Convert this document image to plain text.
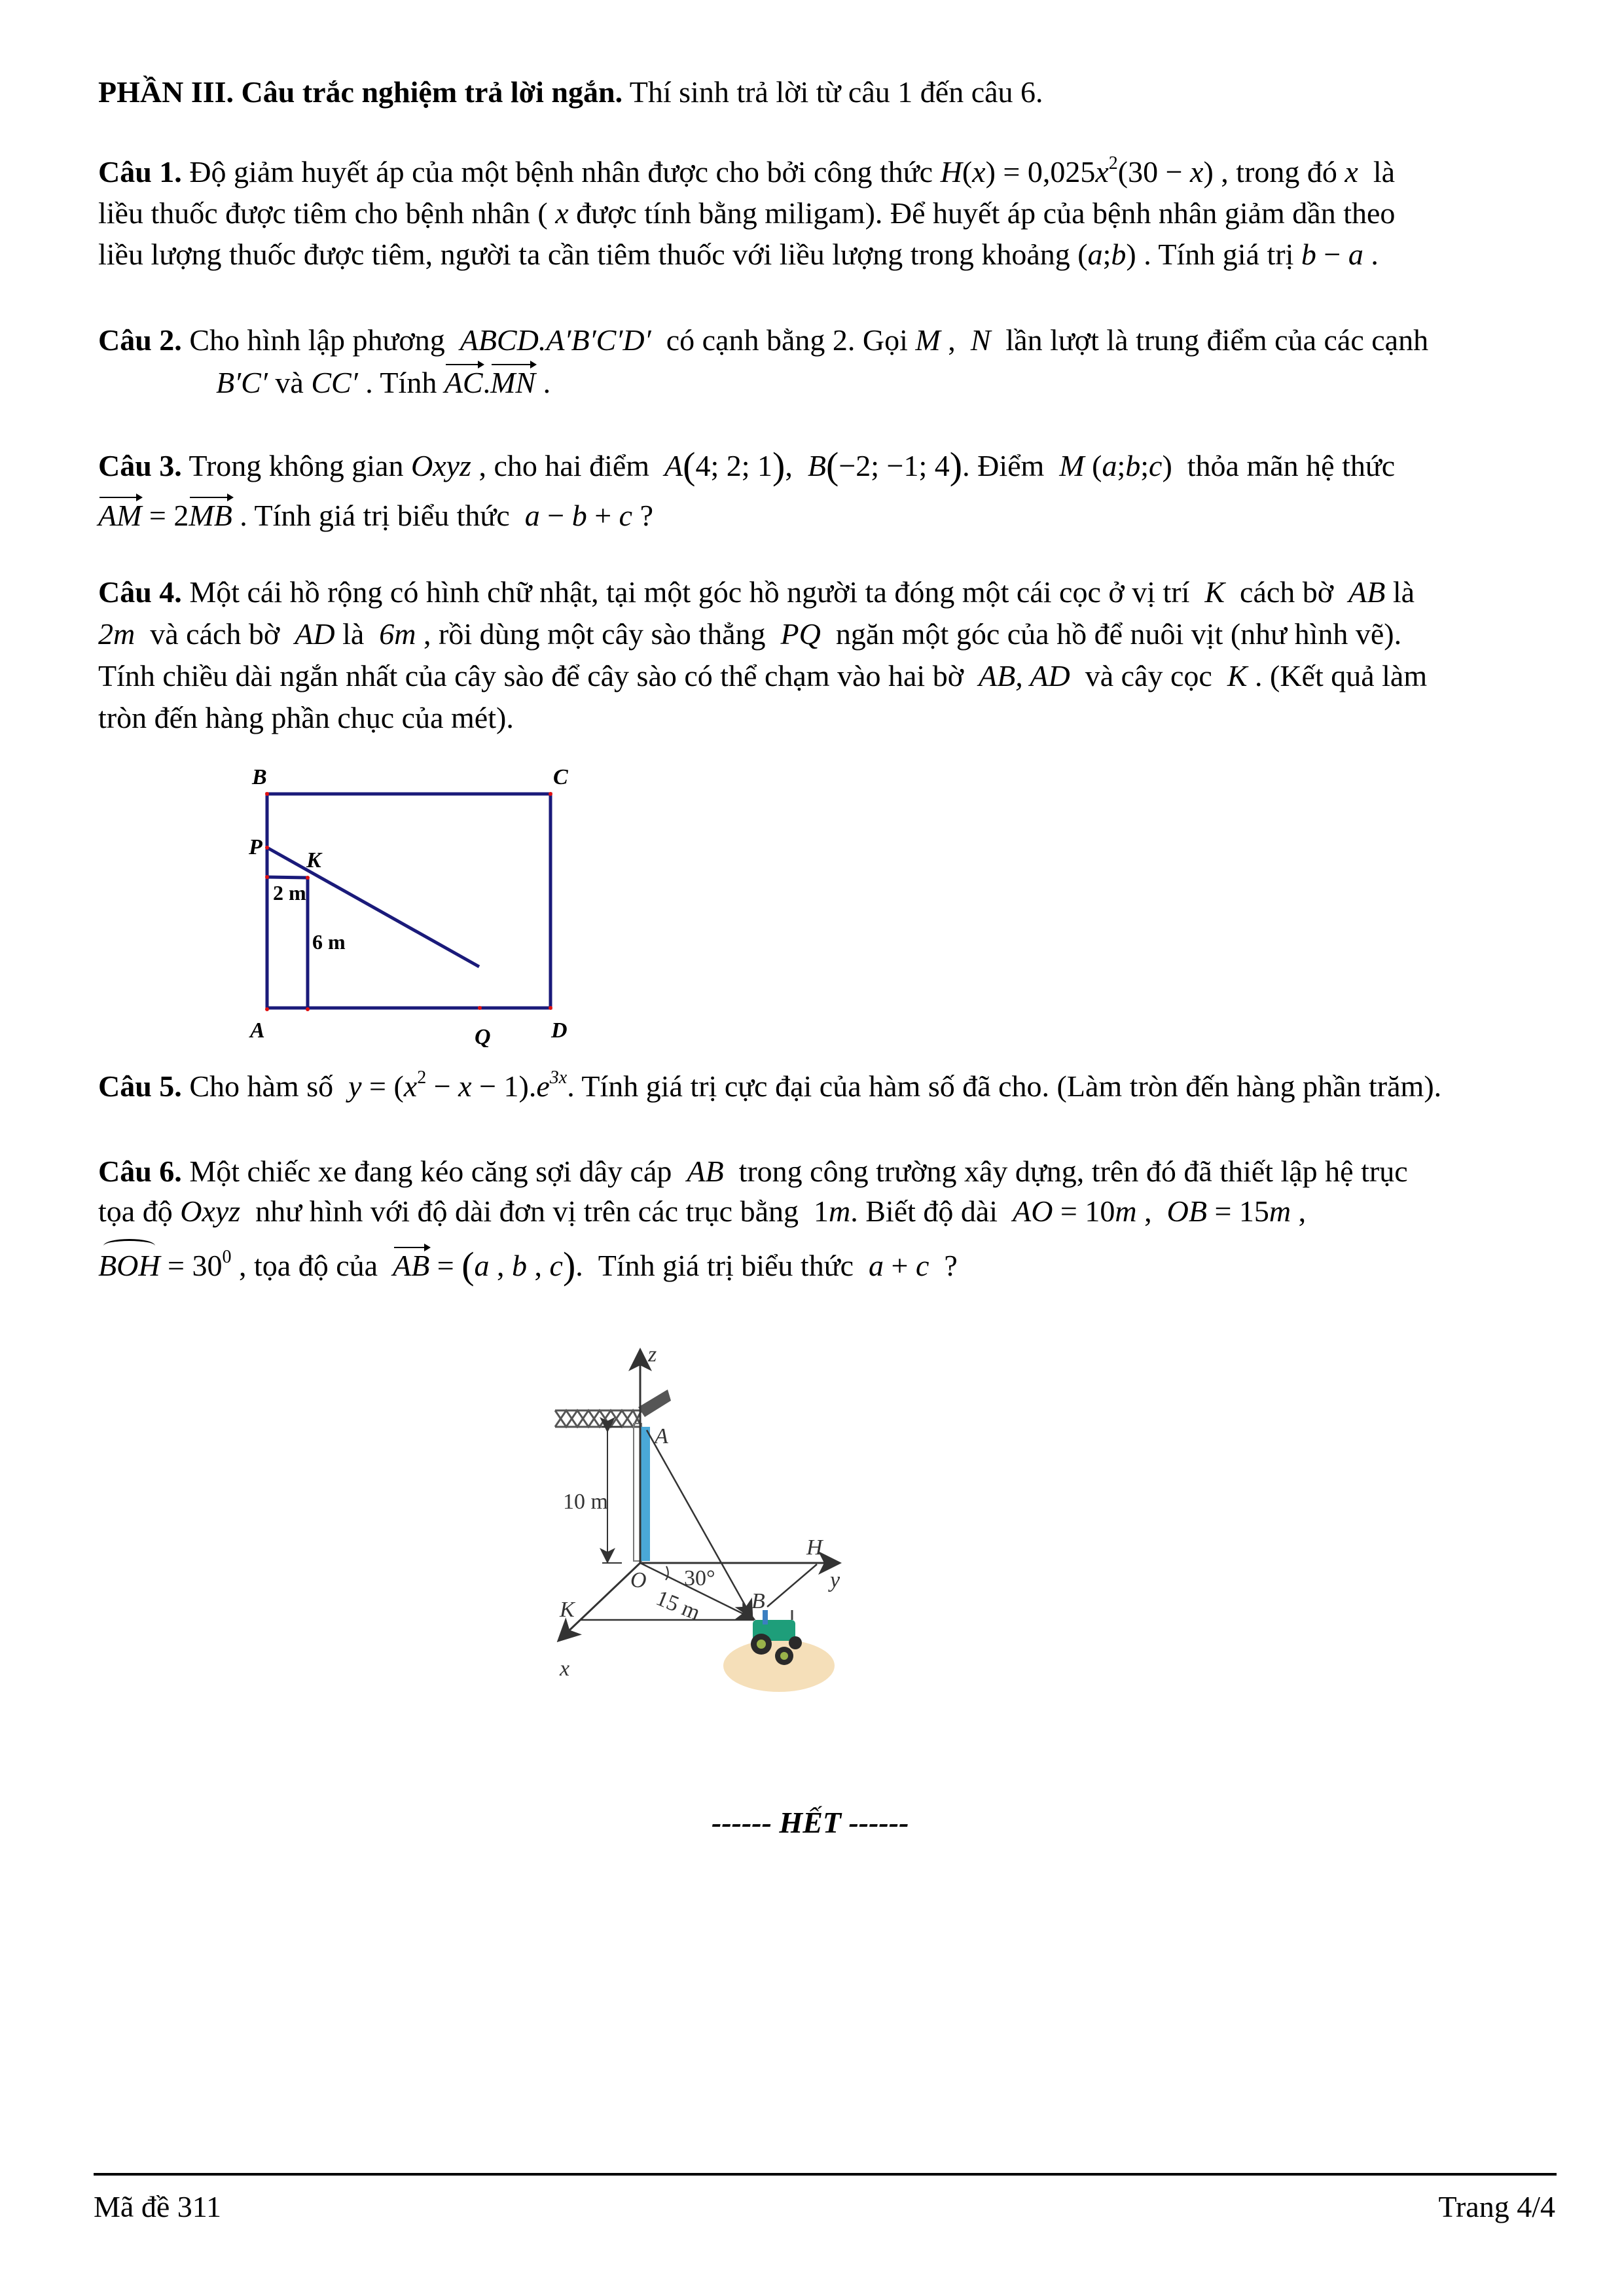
PHẦN III. Câu trắc nghiệm trả lời ngắn. Thí sinh trả lời từ câu 1 đến câu 6.
Câu 1. Độ giảm huyết áp của một bệnh nhân được cho bởi công thức $H(x) = 0,025x^2(30 - x)$ , trong đó x  là
liều thuốc được tiêm cho bệnh nhân ( x được tính bằng miligam). Để huyết áp của bệnh nhân giảm dần theo
liều lượng thuốc được tiêm, người ta cần tiêm thuốc với liều lượng trong khoảng (a;b) . Tính giá trị b − a .
Câu 2. Cho hình lập phương  ABCD.A′B′C′D′  có cạnh bằng 2. Gọi M ,  N  lần lượt là trung điểm của các cạnh
B′C′ và CC′ . Tính AC.MN .
Câu 3. Trong không gian Oxyz , cho hai điểm  A(4; 2; 1),  B(−2; −1; 4). Điểm  M (a;b;c)  thỏa mãn hệ thức
AM = 2MB . Tính giá trị biểu thức  a − b + c ?
Câu 4. Một cái hồ rộng có hình chữ nhật, tại một góc hồ người ta đóng một cái cọc ở vị trí  K  cách bờ  AB là
2m  và cách bờ  AD là  6m , rồi dùng một cây sào thẳng  PQ  ngăn một góc của hồ để nuôi vịt (như hình vẽ).
Tính chiều dài ngắn nhất của cây sào để cây sào có thể chạm vào hai bờ  AB, AD  và cây cọc  K . (Kết quả làm
tròn đến hàng phần chục của mét).
B	C
P
K
A	Q	D
2 m
6 m
Câu 5. Cho hàm số  $y = (x^2 - x - 1).e^{3x}$. Tính giá trị cực đại của hàm số đã cho. (Làm tròn đến hàng phần trăm).
Câu 6. Một chiếc xe đang kéo căng sợi dây cáp  AB  trong công trường xây dựng, trên đó đã thiết lập hệ trục
tọa độ Oxyz  như hình với độ dài đơn vị trên các trục bằng  1m. Biết độ dài  AO = 10m ,  OB = 15m ,
BOH = $30^0$ , tọa độ của  AB = (a , b , c).  Tính giá trị biểu thức  a + c  ?
z
A
O
H
y
B
K
x
10 m
30°
15 m
------ HẾT ------
Mã đề 311	Trang 4/4
